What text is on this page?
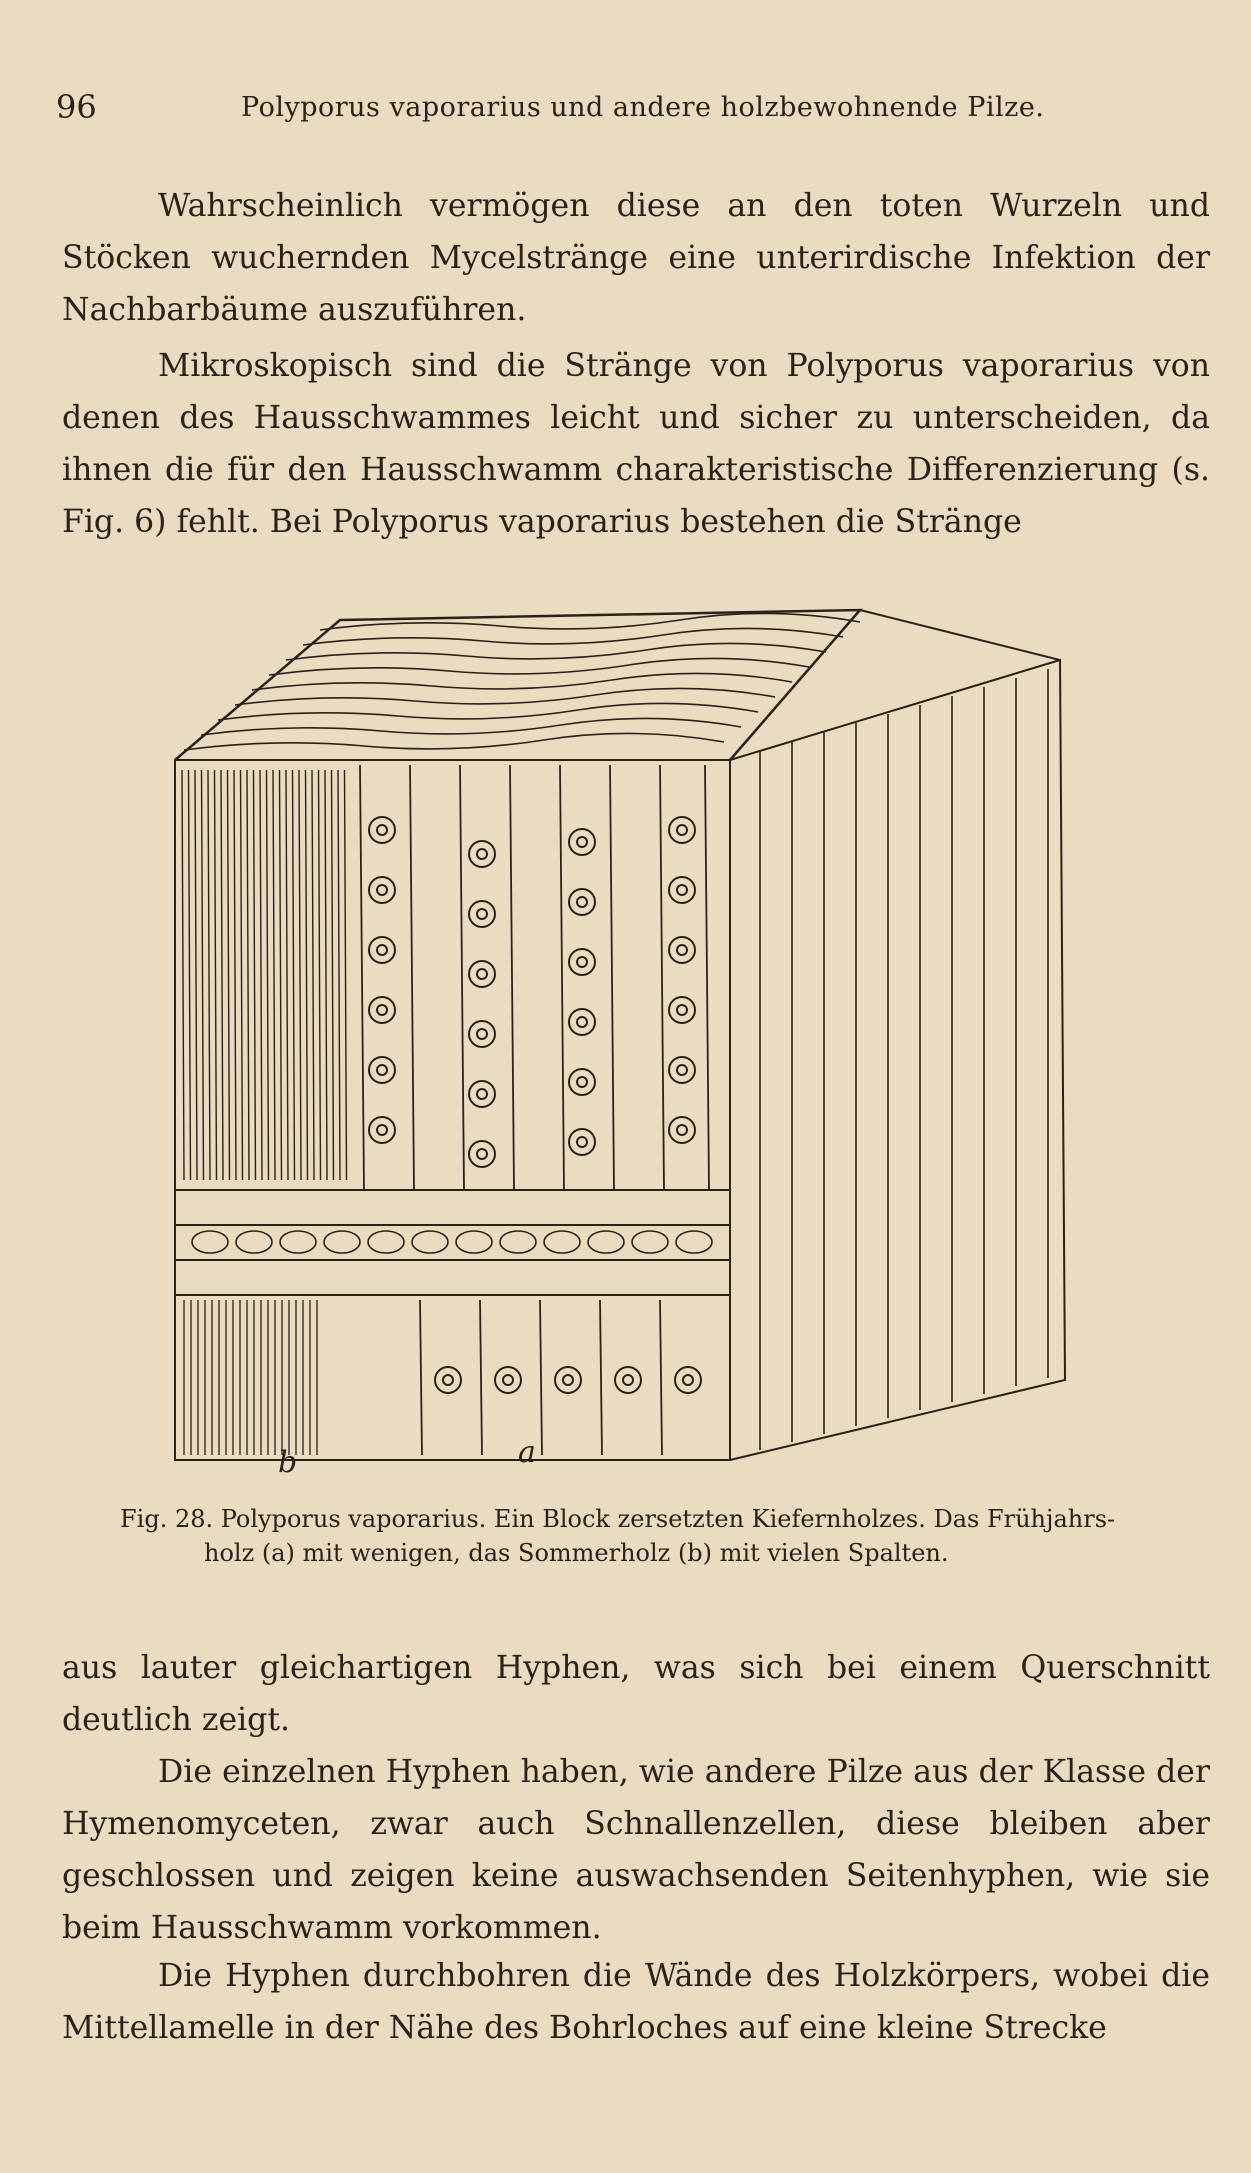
96	Polyporus vaporarius und andere holzbewohnende Pilze.

Wahrscheinlich vermögen diese an den toten Wurzeln und Stöcken wuchernden Mycelstränge eine unterirdische Infektion der Nachbarbäume auszuführen.

Mikroskopisch sind die Stränge von Polyporus vaporarius von denen des Hausschwammes leicht und sicher zu unterscheiden, da ihnen die für den Hausschwamm charakteristische Differenzierung (s. Fig. 6) fehlt. Bei Polyporus vaporarius bestehen die Stränge

b	a

Fig. 28. Polyporus vaporarius. Ein Block zersetzten Kiefernholzes. Das Frühjahrs-
holz (a) mit wenigen, das Sommerholz (b) mit vielen Spalten.

aus lauter gleichartigen Hyphen, was sich bei einem Querschnitt deutlich zeigt.

Die einzelnen Hyphen haben, wie andere Pilze aus der Klasse der Hymenomyceten, zwar auch Schnallenzellen, diese bleiben aber geschlossen und zeigen keine auswachsenden Seitenhyphen, wie sie beim Hausschwamm vorkommen.

Die Hyphen durchbohren die Wände des Holzkörpers, wobei die Mittellamelle in der Nähe des Bohrloches auf eine kleine Strecke
